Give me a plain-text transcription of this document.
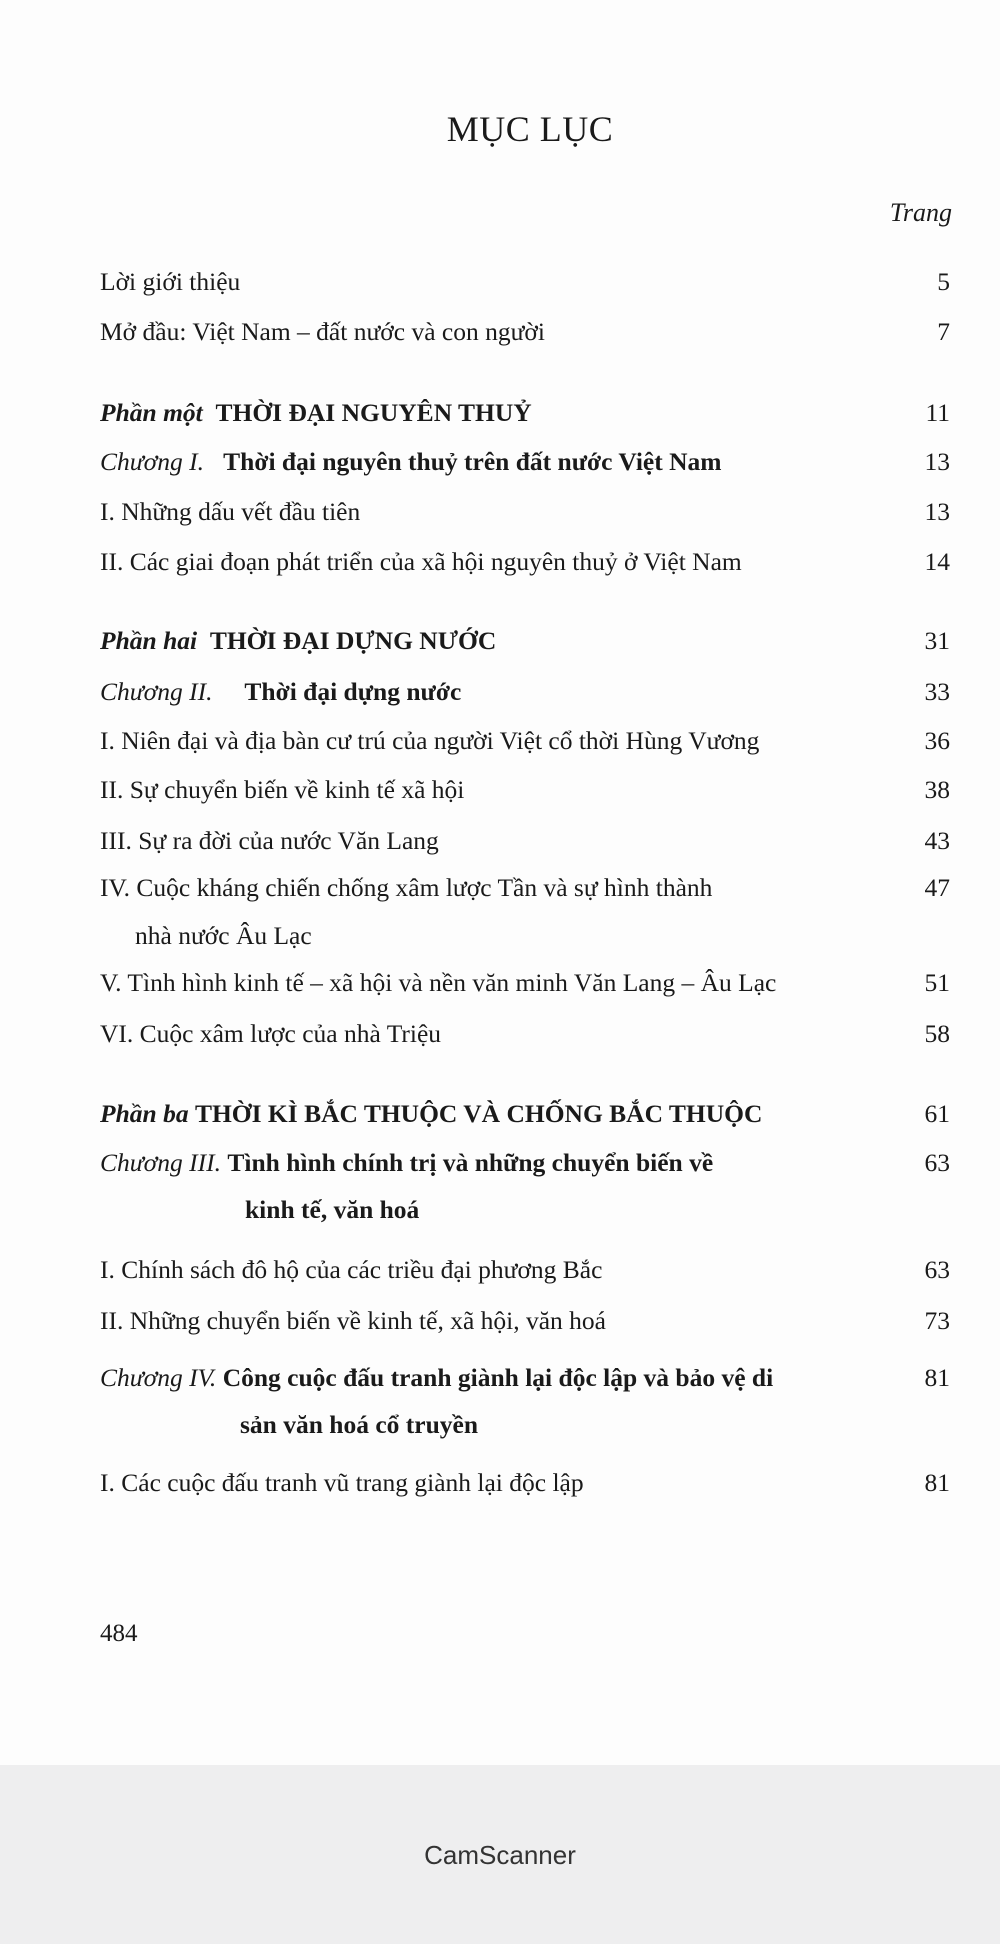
MỤC LỤC
Trang
Lời giới thiệu	5
Mở đầu: Việt Nam – đất nước và con người	7
Phần một THỜI ĐẠI NGUYÊN THUỶ	11
Chương I. Thời đại nguyên thuỷ trên đất nước Việt Nam	13
I. Những dấu vết đầu tiên	13
II. Các giai đoạn phát triển của xã hội nguyên thuỷ ở Việt Nam	14
Phần hai THỜI ĐẠI DỰNG NƯỚC	31
Chương II. Thời đại dựng nước	33
I. Niên đại và địa bàn cư trú của người Việt cổ thời Hùng Vương	36
II. Sự chuyển biến về kinh tế xã hội	38
III. Sự ra đời của nước Văn Lang	43
IV. Cuộc kháng chiến chống xâm lược Tần và sự hình thành	47
nhà nước Âu Lạc
V. Tình hình kinh tế – xã hội và nền văn minh Văn Lang – Âu Lạc	51
VI. Cuộc xâm lược của nhà Triệu	58
Phần ba THỜI KÌ BẮC THUỘC VÀ CHỐNG BẮC THUỘC	61
Chương III. Tình hình chính trị và những chuyển biến về	63
kinh tế, văn hoá
I. Chính sách đô hộ của các triều đại phương Bắc	63
II. Những chuyển biến về kinh tế, xã hội, văn hoá	73
Chương IV. Công cuộc đấu tranh giành lại độc lập và bảo vệ di	81
sản văn hoá cổ truyền
I. Các cuộc đấu tranh vũ trang giành lại độc lập	81
484
CamScanner
